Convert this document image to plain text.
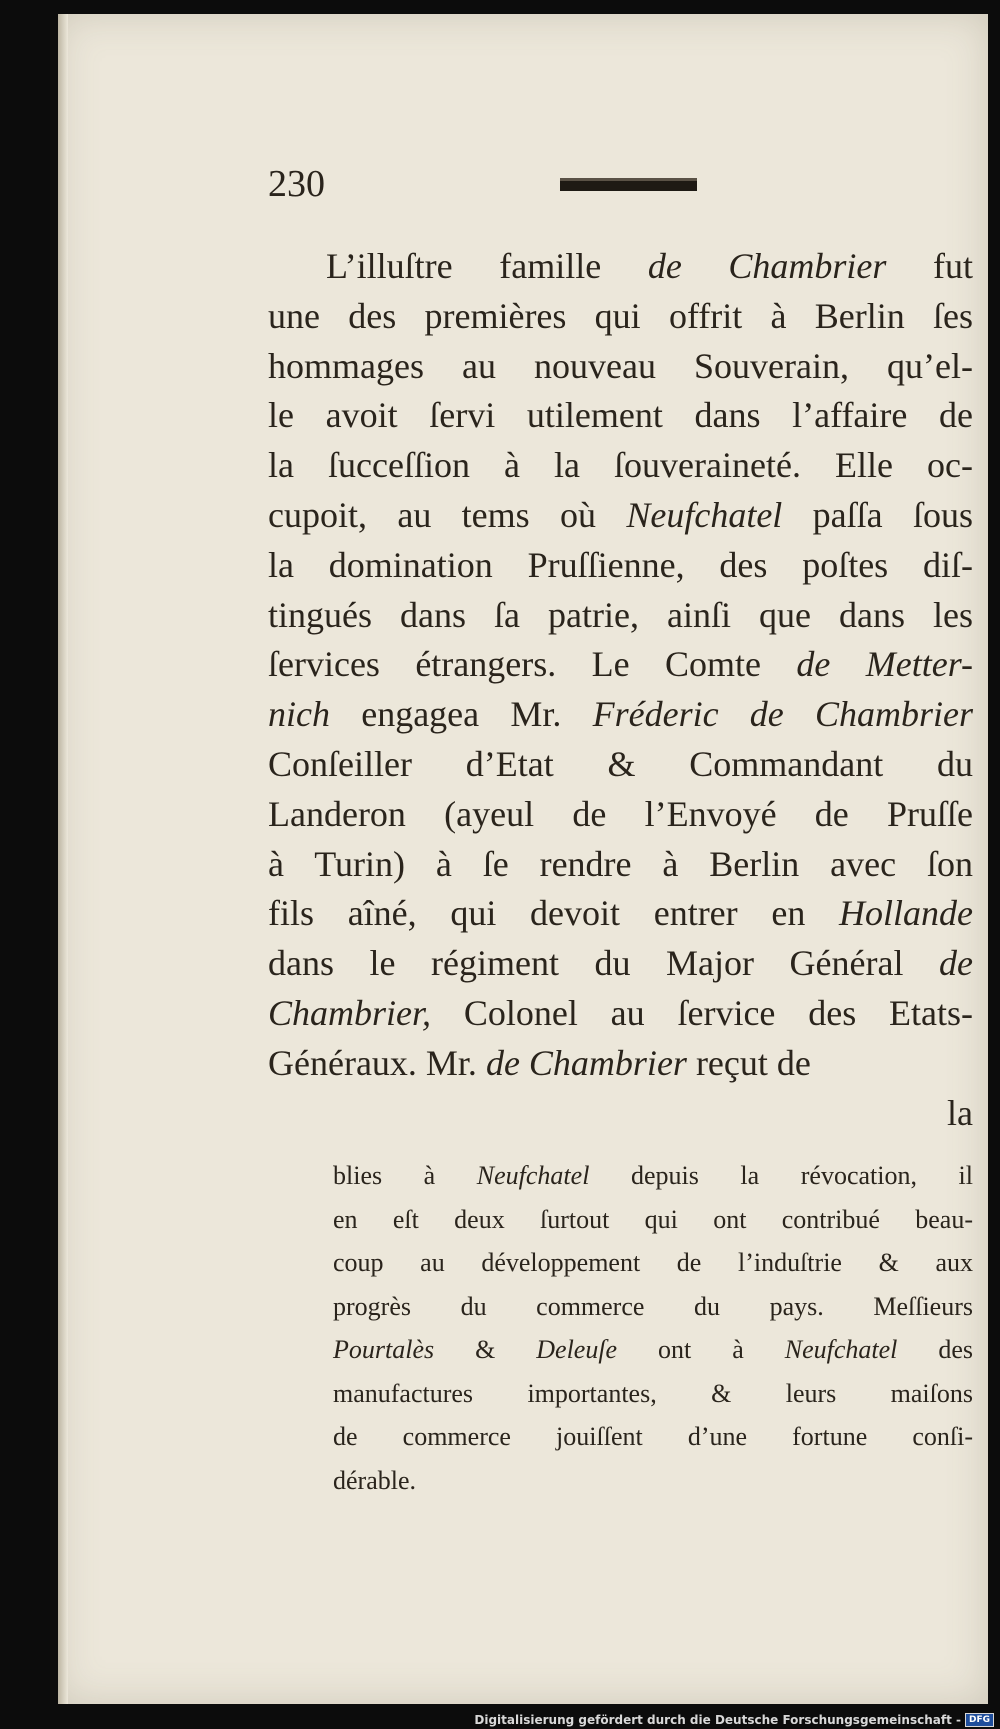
230
L’illuſtre famille de Chambrier fut
une des premières qui offrit à Berlin ſes
hommages au nouveau Souverain, qu’el-
le avoit ſervi utilement dans l’affaire de
la ſucceſſion à la ſouveraineté. Elle oc-
cupoit, au tems où Neufchatel paſſa ſous
la domination Pruſſienne, des poſtes diſ-
tingués dans ſa patrie, ainſi que dans les
ſervices étrangers. Le Comte de Metter-
nich engagea Mr. Fréderic de Chambrier
Conſeiller d’Etat & Commandant du
Landeron (ayeul de l’Envoyé de Pruſſe
à Turin) à ſe rendre à Berlin avec ſon
fils aîné, qui devoit entrer en Hollande
dans le régiment du Major Général de
Chambrier, Colonel au ſervice des Etats-
Généraux. Mr. de Chambrier reçut de
la
blies à Neufchatel depuis la révocation, il
en eſt deux ſurtout qui ont contribué beau-
coup au développement de l’induſtrie & aux
progrès du commerce du pays. Meſſieurs
Pourtalès & Deleuſe ont à Neufchatel des
manufactures importantes, & leurs maiſons
de commerce jouiſſent d’une fortune conſi-
dérable.
Digitalisierung gefördert durch die Deutsche Forschungsgemeinschaft - DFG
